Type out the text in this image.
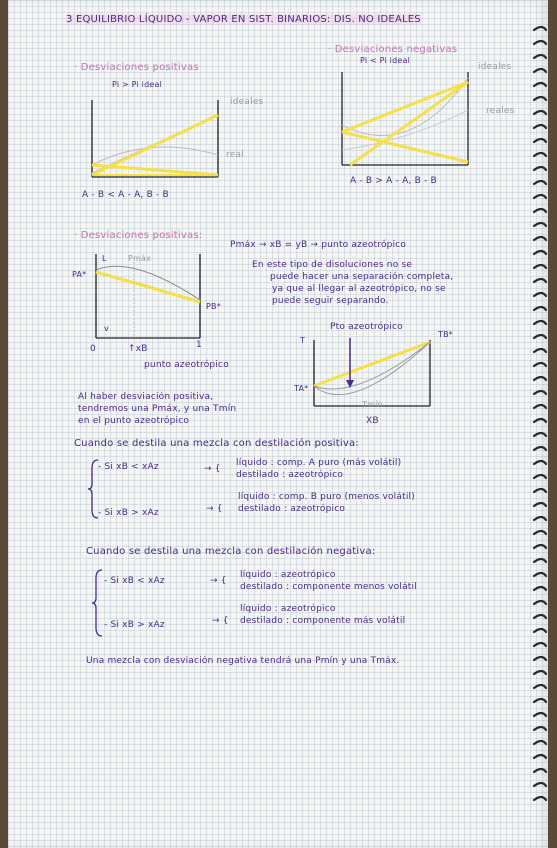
3 EQUILIBRIO LÍQUIDO - VAPOR EN SIST. BINARIOS: DIS. NO IDEALES
· Desviaciones positivas
Pi > Pi ideal
ideales
real
A - B < A - A, B - B
· Desviaciones negativas
Pi < Pi ideal
ideales
reales
A - B > A - A, B - B
· Desviaciones positivas:
Pmáx → xB = yB → punto azeotrópico
En este tipo de disoluciones no se
puede hacer una separación completa,
ya que al llegar al azeotrópico, no se
puede seguir separando.
PA*
PB*
Pmáx
L
v
0	1
↑xB
punto azeotrópico
Pto azeotrópico
T
TA*
TB*
Tmín
XB
Al haber desviación positiva,
tendremos una Pmáx, y una Tmín
en el punto azeotrópico
Cuando se destila una mezcla con destilación positiva:
- Si xB < xAz	→ {
líquido : comp. A puro (más volátil)
destilado : azeotrópico
- Si xB > xAz	→ {
líquido : comp. B puro (menos volátil)
destilado : azeotrópico
Cuando se destila una mezcla con destilación negativa:
- Si xB < xAz	→ {
líquido : azeotrópico
destilado : componente menos volátil
- Si xB > xAz	→ {
líquido : azeotrópico
destilado : componente más volátil
Una mezcla con desviación negativa tendrá una Pmín y una Tmáx.
